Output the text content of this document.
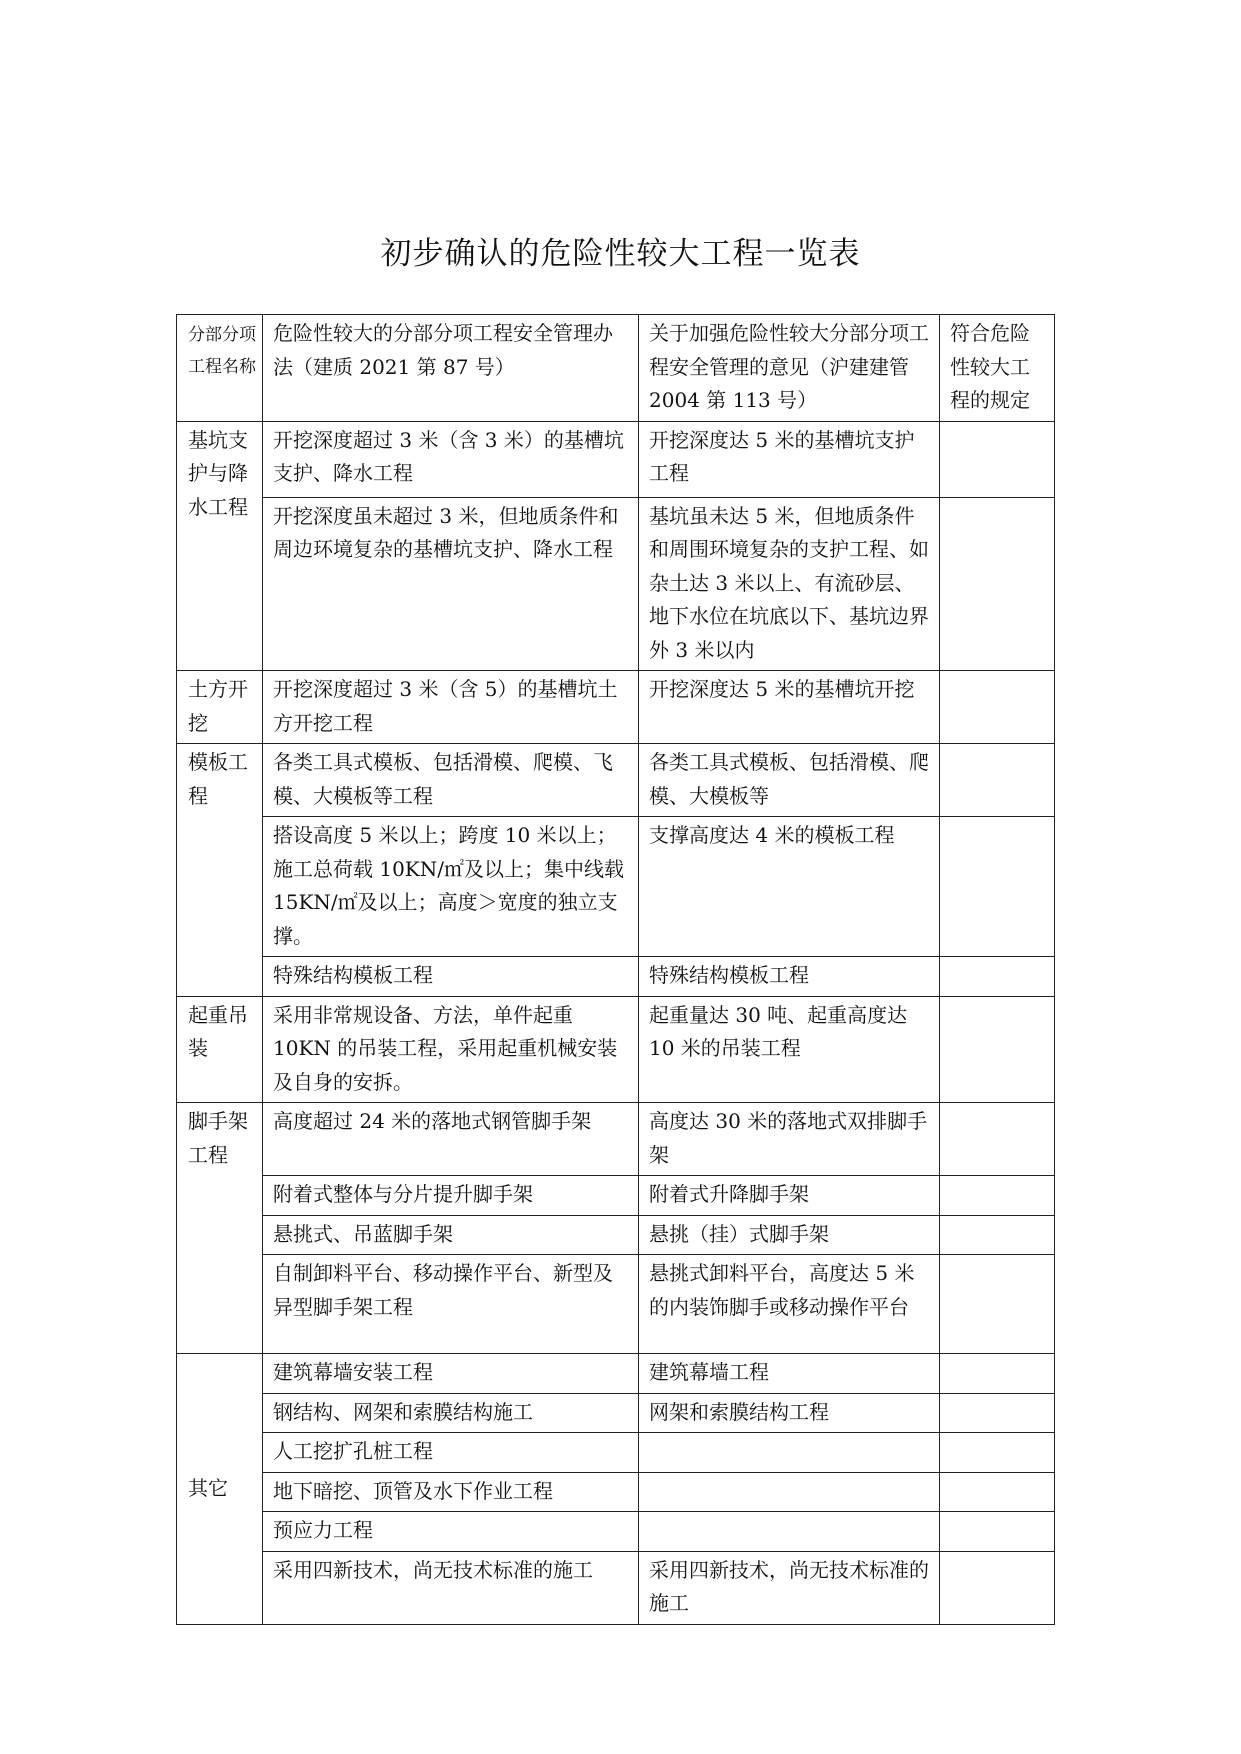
初步确认的危险性较大工程一览表
分部分项工程名称	危险性较大的分部分项工程安全管理办法（建质 2021 第 87 号）	关于加强危险性较大分部分项工程安全管理的意见（沪建建管 2004 第 113 号）	符合危险性较大工程的规定
基坑支护与降水工程	开挖深度超过 3 米（含 3 米）的基槽坑支护、降水工程	开挖深度达 5 米的基槽坑支护工程	
	开挖深度虽未超过 3 米，但地质条件和周边环境复杂的基槽坑支护、降水工程	基坑虽未达 5 米，但地质条件和周围环境复杂的支护工程、如杂土达 3 米以上、有流砂层、地下水位在坑底以下、基坑边界外 3 米以内	
土方开挖	开挖深度超过 3 米（含 5）的基槽坑土方开挖工程	开挖深度达 5 米的基槽坑开挖	
模板工程	各类工具式模板、包括滑模、爬模、飞模、大模板等工程	各类工具式模板、包括滑模、爬模、大模板等	
	搭设高度 5 米以上；跨度 10 米以上；施工总荷载 10KN/㎡及以上；集中线载 15KN/㎡及以上；高度＞宽度的独立支撑。	支撑高度达 4 米的模板工程	
	特殊结构模板工程	特殊结构模板工程	
起重吊装	采用非常规设备、方法，单件起重 10KN 的吊装工程，采用起重机械安装及自身的安拆。	起重量达 30 吨、起重高度达 10 米的吊装工程	
脚手架工程	高度超过 24 米的落地式钢管脚手架	高度达 30 米的落地式双排脚手架	
	附着式整体与分片提升脚手架	附着式升降脚手架	
	悬挑式、吊蓝脚手架	悬挑（挂）式脚手架	
	自制卸料平台、移动操作平台、新型及异型脚手架工程	悬挑式卸料平台，高度达 5 米的内装饰脚手或移动操作平台	
其它	建筑幕墙安装工程	建筑幕墙工程	
	钢结构、网架和索膜结构施工	网架和索膜结构工程	
	人工挖扩孔桩工程		
	地下暗挖、顶管及水下作业工程		
	预应力工程		
	采用四新技术，尚无技术标准的施工	采用四新技术，尚无技术标准的施工	
